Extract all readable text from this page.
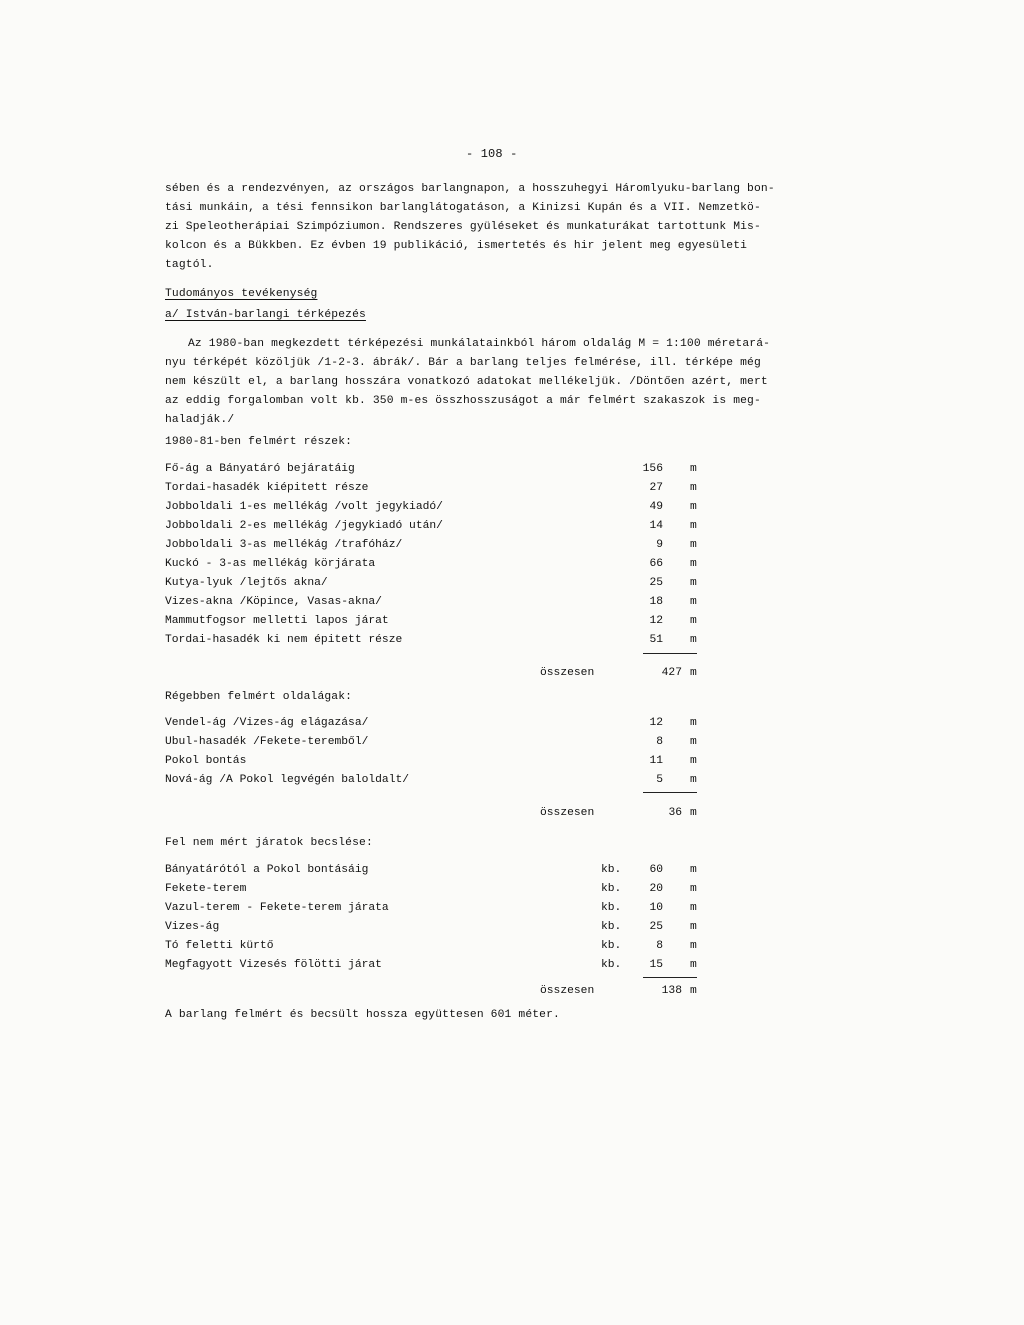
- 108 -
sében és a rendezvényen, az országos barlangnapon, a hosszuhegyi Háromlyuku-barlang bon-
tási munkáin, a tési fennsikon barlanglátogatáson, a Kinizsi Kupán és a VII. Nemzetkö-
zi Speleotherápiai Szimpóziumon. Rendszeres gyüléseket és munkaturákat tartottunk Mis-
kolcon és a Bükkben. Ez évben 19 publikáció, ismertetés és hir jelent meg egyesületi
tagtól.
Tudományos tevékenység
a/ István-barlangi térképezés
Az 1980-ban megkezdett térképezési munkálatainkból három oldalág M = 1:100 méretará-
nyu térképét közöljük /1-2-3. ábrák/. Bár a barlang teljes felmérése, ill. térképe még
nem készült el, a barlang hosszára vonatkozó adatokat mellékeljük. /Döntően azért, mert
az eddig forgalomban volt kb. 350 m-es összhosszuságot a már felmért szakaszok is meg-
haladják./
1980-81-ben felmért részek:
Fő-ág a Bányatáró bejáratáig	156 m
Tordai-hasadék kiépitett része	27 m
Jobboldali 1-es mellékág /volt jegykiadó/	49 m
Jobboldali 2-es mellékág /jegykiadó után/	14 m
Jobboldali 3-as mellékág /trafóház/	9 m
Kuckó - 3-as mellékág körjárata	66 m
Kutya-lyuk /lejtős akna/	25 m
Vizes-akna /Köpince, Vasas-akna/	18 m
Mammutfogsor melletti lapos járat	12 m
Tordai-hasadék ki nem épitett része	51 m
összesen	427 m
Régebben felmért oldalágak:
Vendel-ág /Vizes-ág elágazása/	12 m
Ubul-hasadék /Fekete-teremből/	8 m
Pokol bontás	11 m
Nová-ág /A Pokol legvégén baloldalt/	5 m
összesen	36 m
Fel nem mért járatok becslése:
Bányatárótól a Pokol bontásáig	kb.	60 m
Fekete-terem	kb.	20 m
Vazul-terem - Fekete-terem járata	kb.	10 m
Vizes-ág	kb.	25 m
Tó feletti kürtő	kb.	8 m
Megfagyott Vizesés fölötti járat	kb.	15 m
összesen	138 m
A barlang felmért és becsült hossza együttesen 601 méter.
